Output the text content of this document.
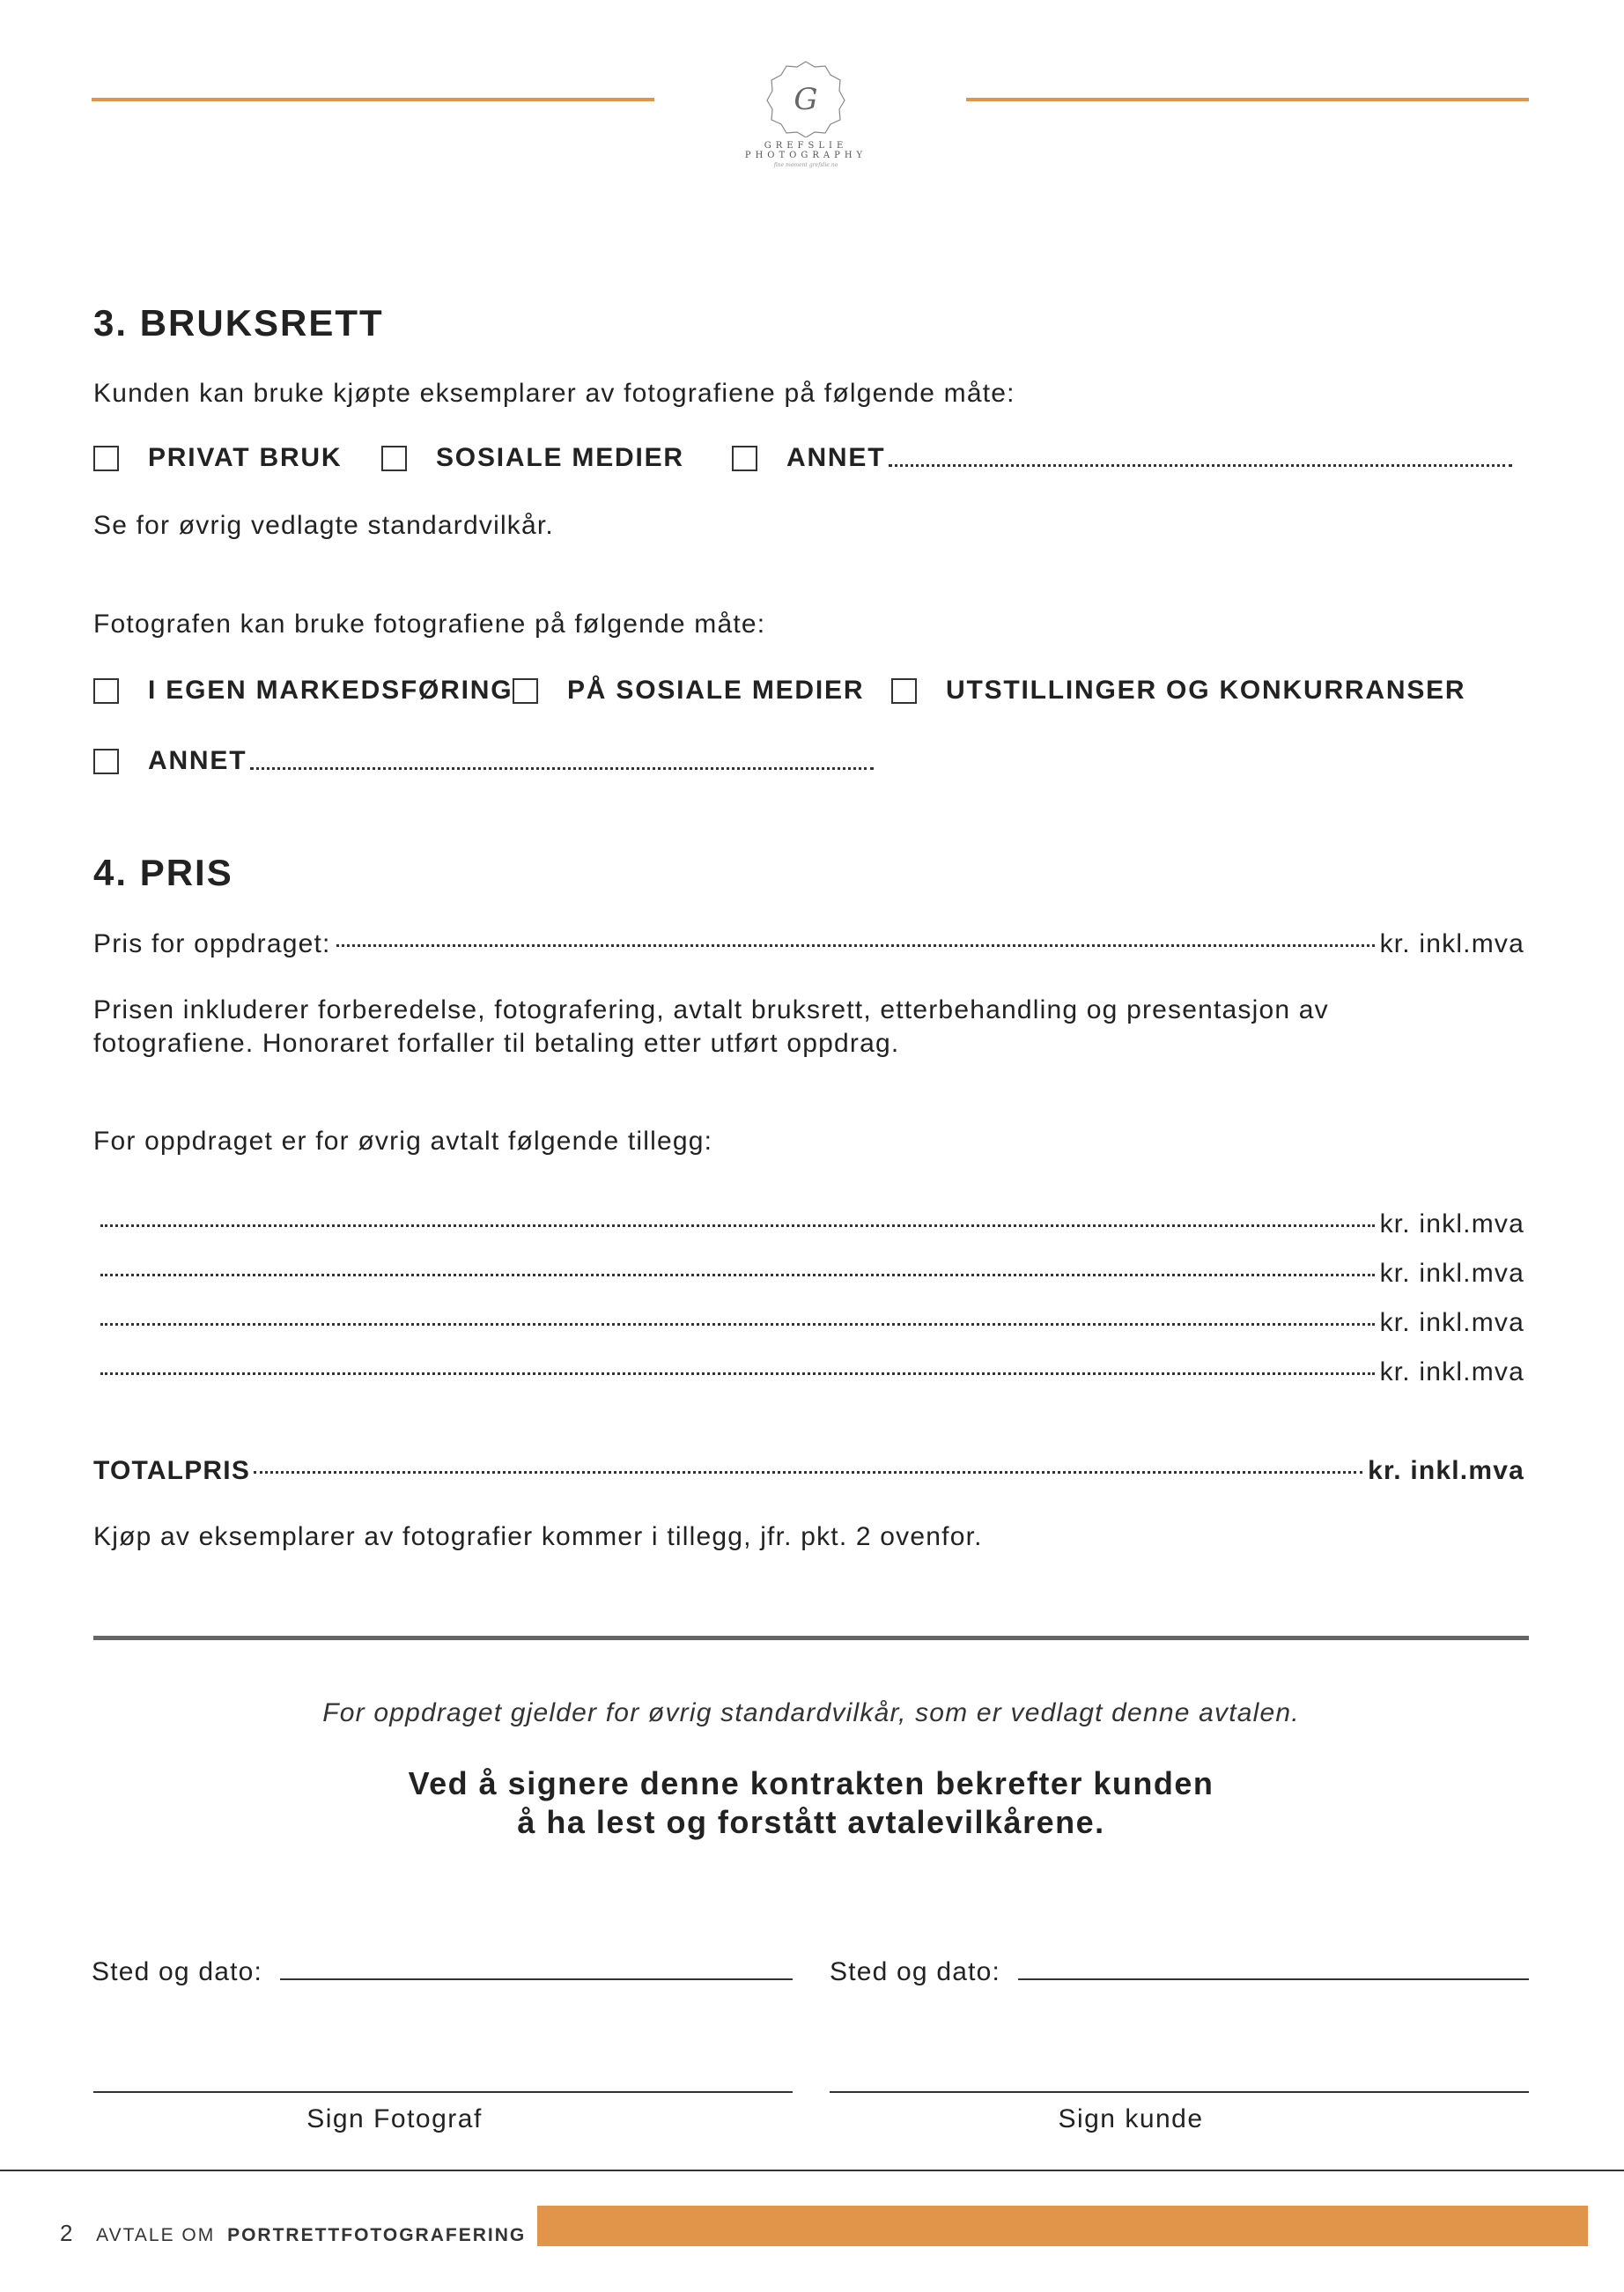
G
GREFSLIE PHOTOGRAPHY
fine moment grefslie.no
3. BRUKSRETT
Kunden kan bruke kjøpte eksemplarer av fotografiene på følgende måte:
PRIVAT BRUK	SOSIALE MEDIER	ANNET
Se for øvrig vedlagte standardvilkår.
Fotografen kan bruke fotografiene på følgende måte:
I EGEN MARKEDSFØRING PÅ SOSIALE MEDIER	UTSTILLINGER OG KONKURRANSER
ANNET
4. PRIS
Pris for oppdraget:	kr. inkl.mva
Prisen inkluderer forberedelse, fotografering, avtalt bruksrett, etterbehandling og presentasjon av fotografiene. Honoraret forfaller til betaling etter utført oppdrag.
For oppdraget er for øvrig avtalt følgende tillegg:
kr. inkl.mva
kr. inkl.mva
kr. inkl.mva
kr. inkl.mva
TOTALPRIS	kr. inkl.mva
Kjøp av eksemplarer av fotografier kommer i tillegg, jfr. pkt. 2 ovenfor.
For oppdraget gjelder for øvrig standardvilkår, som er vedlagt denne avtalen.
Ved å signere denne kontrakten bekrefter kunden
å ha lest og forstått avtalevilkårene.
Sted og dato:	Sted og dato:
Sign Fotograf	Sign kunde
2 AVTALE OM PORTRETTFOTOGRAFERING
